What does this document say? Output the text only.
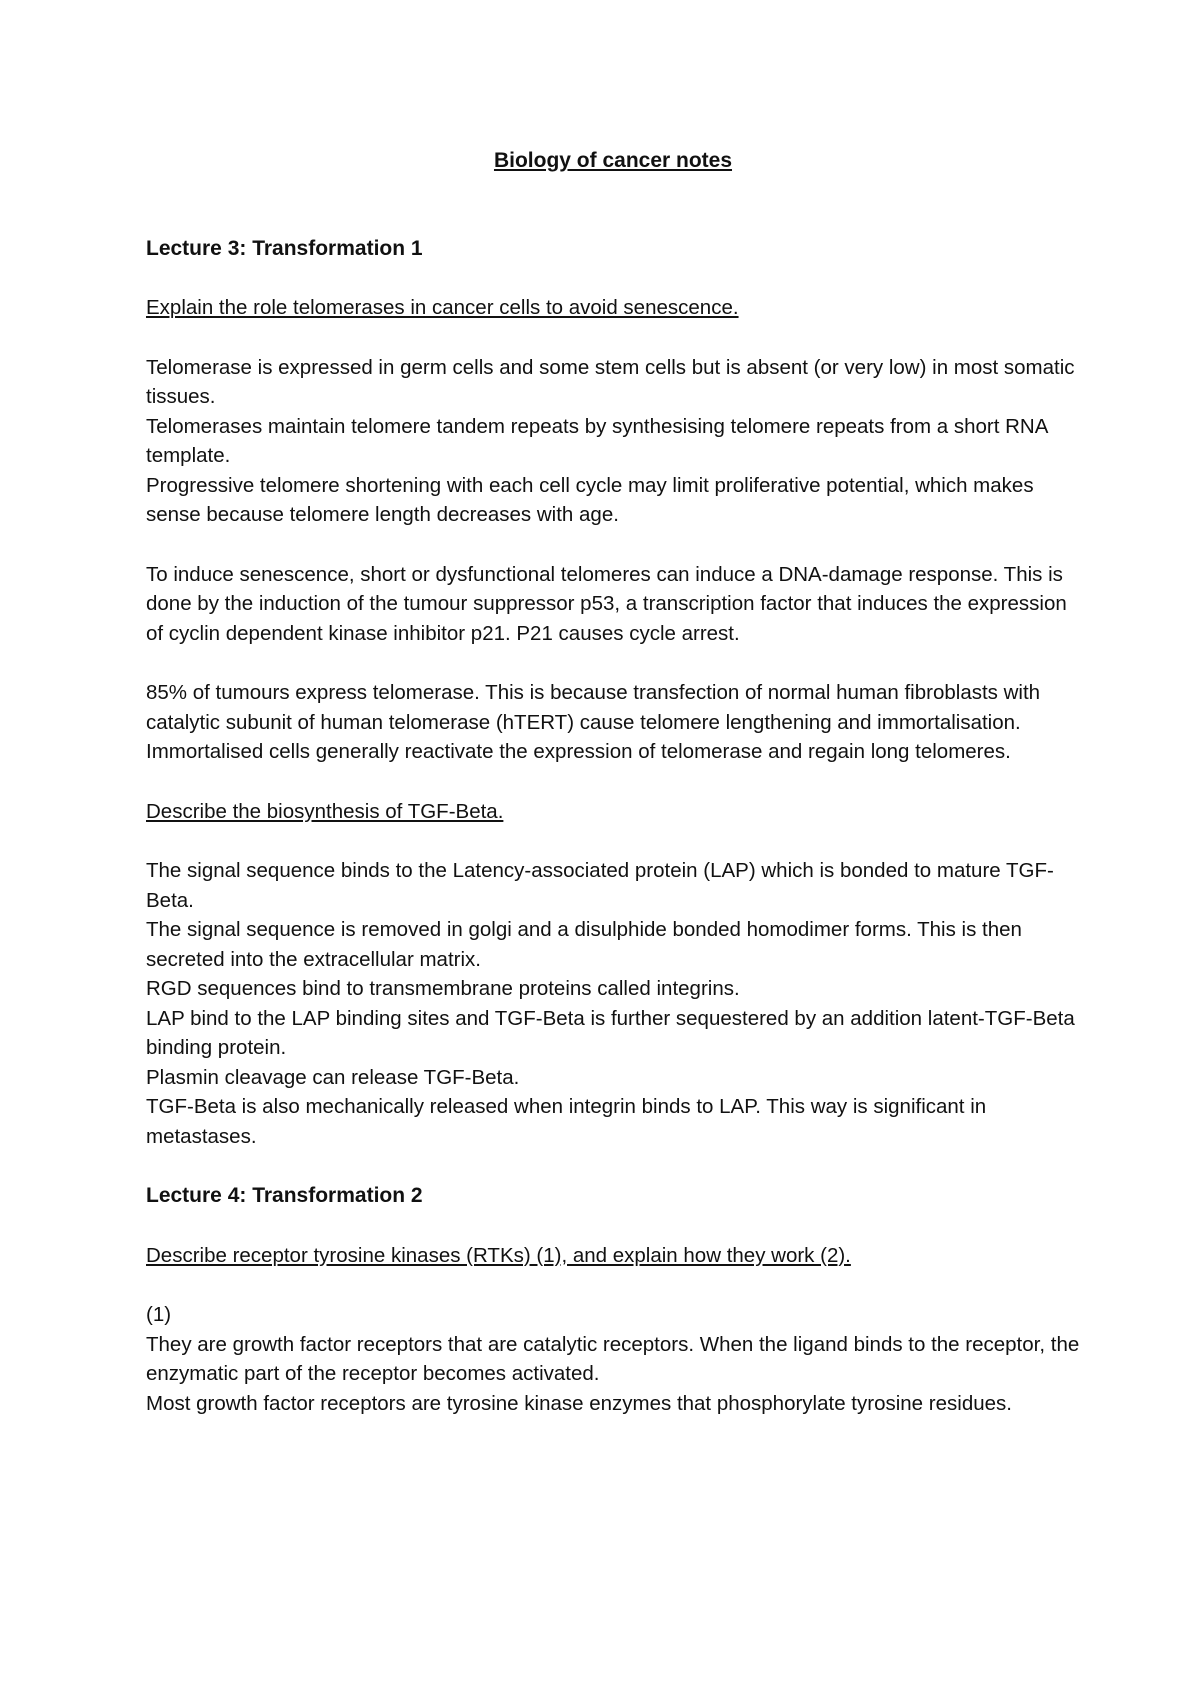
Biology of cancer notes
Lecture 3: Transformation 1
Explain the role telomerases in cancer cells to avoid senescence.
Telomerase is expressed in germ cells and some stem cells but is absent (or very low) in most somatic tissues.
Telomerases maintain telomere tandem repeats by synthesising telomere repeats from a short RNA template.
Progressive telomere shortening with each cell cycle may limit proliferative potential, which makes sense because telomere length decreases with age.
To induce senescence, short or dysfunctional telomeres can induce a DNA-damage response. This is done by the induction of the tumour suppressor p53, a transcription factor that induces the expression of cyclin dependent kinase inhibitor p21. P21 causes cycle arrest.
85% of tumours express telomerase. This is because transfection of normal human fibroblasts with catalytic subunit of human telomerase (hTERT) cause telomere lengthening and immortalisation. Immortalised cells generally reactivate the expression of telomerase and regain long telomeres.
Describe the biosynthesis of TGF-Beta.
The signal sequence binds to the Latency-associated protein (LAP) which is bonded to mature TGF-Beta.
The signal sequence is removed in golgi and a disulphide bonded homodimer forms. This is then secreted into the extracellular matrix.
RGD sequences bind to transmembrane proteins called integrins.
LAP bind to the LAP binding sites and TGF-Beta is further sequestered by an addition latent-TGF-Beta binding protein.
Plasmin cleavage can release TGF-Beta.
TGF-Beta is also mechanically released when integrin binds to LAP. This way is significant in metastases.
Lecture 4: Transformation 2
Describe receptor tyrosine kinases (RTKs) (1), and explain how they work (2).
(1)
They are growth factor receptors that are catalytic receptors. When the ligand binds to the receptor, the enzymatic part of the receptor becomes activated.
Most growth factor receptors are tyrosine kinase enzymes that phosphorylate tyrosine residues.
